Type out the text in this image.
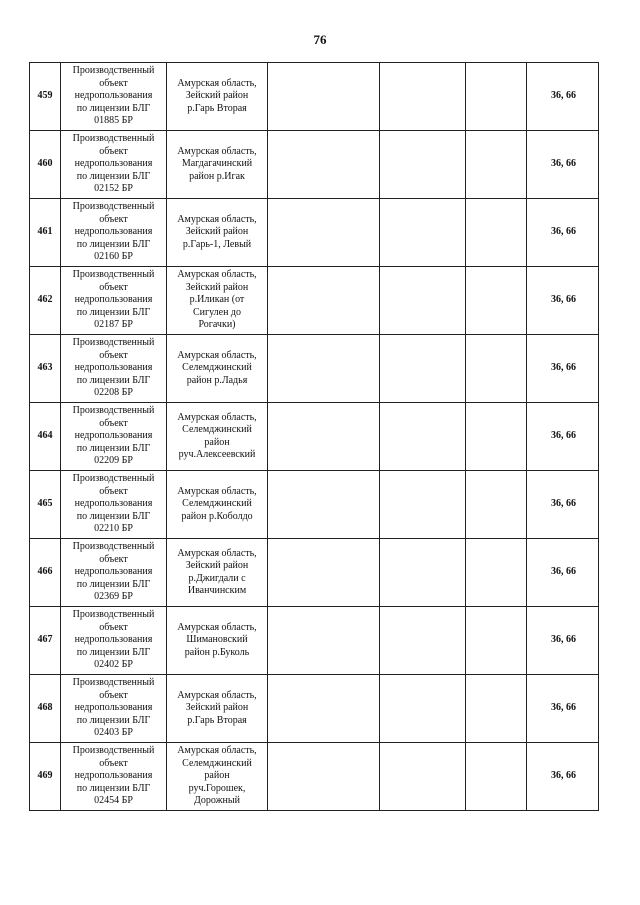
76
459	Производственный
объект
недропользования
по лицензии БЛГ
01885 БР	Амурская область,
Зейский район
р.Гарь Вторая				36, 66

460	Производственный
объект
недропользования
по лицензии БЛГ
02152 БР	Амурская область,
Магдагачинский
район р.Игак				36, 66

461	Производственный
объект
недропользования
по лицензии БЛГ
02160 БР	Амурская область,
Зейский район
р.Гарь-1, Левый				36, 66

462	Производственный
объект
недропользования
по лицензии БЛГ
02187 БР	Амурская область,
Зейский район
р.Иликан (от
Сигулен до
Рогачки)				36, 66

463	Производственный
объект
недропользования
по лицензии БЛГ
02208 БР	Амурская область,
Селемджинский
район р.Ладья				36, 66

464	Производственный
объект
недропользования
по лицензии БЛГ
02209 БР	Амурская область,
Селемджинский
район
руч.Алексеевский				36, 66

465	Производственный
объект
недропользования
по лицензии БЛГ
02210 БР	Амурская область,
Селемджинский
район р.Коболдо				36, 66

466	Производственный
объект
недропользования
по лицензии БЛГ
02369 БР	Амурская область,
Зейский район
р.Джигдали с
Иванчинским				36, 66

467	Производственный
объект
недропользования
по лицензии БЛГ
02402 БР	Амурская область,
Шимановский
район р.Буколь				36, 66

468	Производственный
объект
недропользования
по лицензии БЛГ
02403 БР	Амурская область,
Зейский район
р.Гарь Вторая				36, 66

469	Производственный
объект
недропользования
по лицензии БЛГ
02454 БР	Амурская область,
Селемджинский
район
руч.Горошек,
Дорожный				36, 66
